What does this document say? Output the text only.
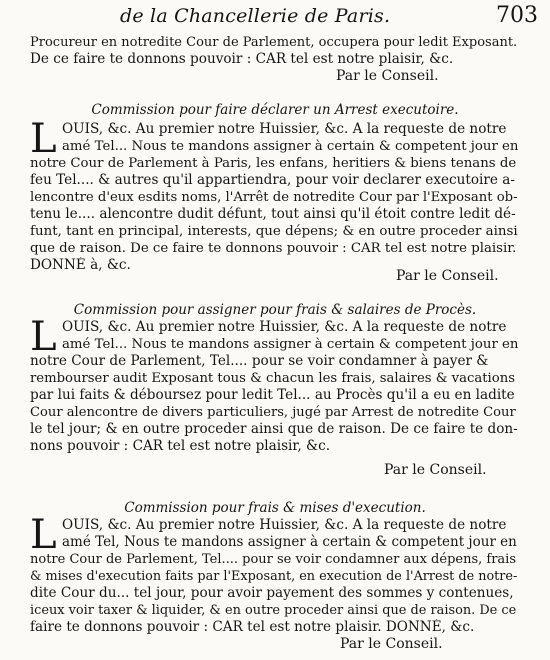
de la Chancellerie de Paris.	703
Procureur en notredite Cour de Parlement, occupera pour ledit Exposant.
De ce faire te donnons pouvoir : CAR tel est notre plaisir, &c.
Par le Conseil.
Commission pour faire déclarer un Arrest executoire.
L OUIS, &c. Au premier notre Huissier, &c. A la requeste de notre
amé Tel... Nous te mandons assigner à certain & competent jour en
notre Cour de Parlement à Paris, les enfans, heritiers & biens tenans de
feu Tel.... & autres qu'il appartiendra, pour voir declarer executoire a-
lencontre d'eux esdits noms, l'Arrêt de notredite Cour par l'Exposant ob-
tenu le.... alencontre dudit défunt, tout ainsi qu'il étoit contre ledit dé-
funt, tant en principal, interests, que dépens; & en outre proceder ainsi
que de raison. De ce faire te donnons pouvoir : CAR tel est notre plaisir.
DONNÉ à, &c.
Par le Conseil.
Commission pour assigner pour frais & salaires de Procès.
L OUIS, &c. Au premier notre Huissier, &c. A la requeste de notre
amé Tel... Nous te mandons assigner à certain & competent jour en
notre Cour de Parlement, Tel.... pour se voir condamner à payer &
rembourser audit Exposant tous & chacun les frais, salaires & vacations
par lui faits & déboursez pour ledit Tel... au Procès qu'il a eu en ladite
Cour alencontre de divers particuliers, jugé par Arrest de notredite Cour
le tel jour; & en outre proceder ainsi que de raison. De ce faire te don-
nons pouvoir : CAR tel est notre plaisir, &c.
Par le Conseil.
Commission pour frais & mises d'execution.
L OUIS, &c. Au premier notre Huissier, &c. A la requeste de notre
amé Tel, Nous te mandons assigner à certain & competent jour en
notre Cour de Parlement, Tel.... pour se voir condamner aux dépens, frais
& mises d'execution faits par l'Exposant, en execution de l'Arrest de notre-
dite Cour du... tel jour, pour avoir payement des sommes y contenues,
iceux voir taxer & liquider, & en outre proceder ainsi que de raison. De ce
faire te donnons pouvoir : CAR tel est notre plaisir. DONNÉ, &c.
Par le Conseil.
